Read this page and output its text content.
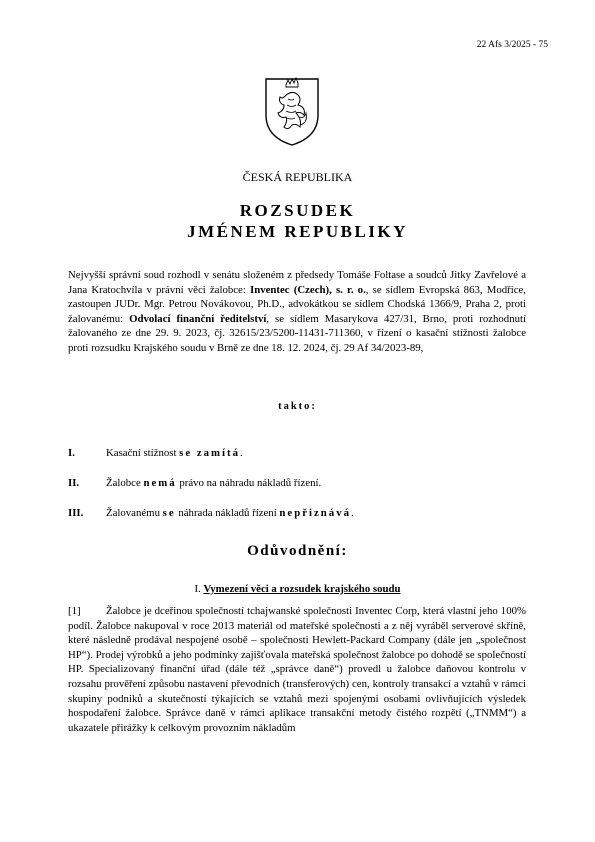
22 Afs 3/2025 - 75
ČESKÁ REPUBLIKA
ROZSUDEK
JMÉNEM REPUBLIKY
Nejvyšší správní soud rozhodl v senátu složeném z předsedy Tomáše Foltase a soudců Jitky Zavřelové a Jana Kratochvíla v právní věci žalobce: Inventec (Czech), s. r. o., se sídlem Evropská 863, Modřice, zastoupen JUDr. Mgr. Petrou Novákovou, Ph.D., advokátkou se sídlem Chodská 1366/9, Praha 2, proti žalovanému: Odvolací finanční ředitelství, se sídlem Masarykova 427/31, Brno, proti rozhodnutí žalovaného ze dne 29. 9. 2023, čj. 32615/23/5200-11431-711360, v řízení o kasační stížnosti žalobce proti rozsudku Krajského soudu v Brně ze dne 18. 12. 2024, čj. 29 Af 34/2023-89,
takto:
I.	Kasační stížnost se zamítá.
II. Žalobce nemá právo na náhradu nákladů řízení.
III. Žalovanému se náhrada nákladů řízení nepřiznává.
Odůvodnění:
I. Vymezení věci a rozsudek krajského soudu
[1] Žalobce je dceřinou společností tchajwanské společnosti Inventec Corp, která vlastní jeho 100% podíl. Žalobce nakupoval v roce 2013 materiál od mateřské společnosti a z něj vyráběl serverové skříně, které následně prodával nespojené osobě – společnosti Hewlett-Packard Company (dále jen „společnost HP“). Prodej výrobků a jeho podmínky zajišťovala mateřská společnost žalobce po dohodě se společností HP. Specializovaný finanční úřad (dále též „správce daně“) provedl u žalobce daňovou kontrolu v rozsahu prověření způsobu nastavení převodních (transferových) cen, kontroly transakcí a vztahů v rámci skupiny podniků a skutečností týkajících se vztahů mezi spojenými osobami ovlivňujících výsledek hospodaření žalobce. Správce daně v rámci aplikace transakční metody čistého rozpětí („TNMM“) a ukazatele přirážky k celkovým provozním nákladům
